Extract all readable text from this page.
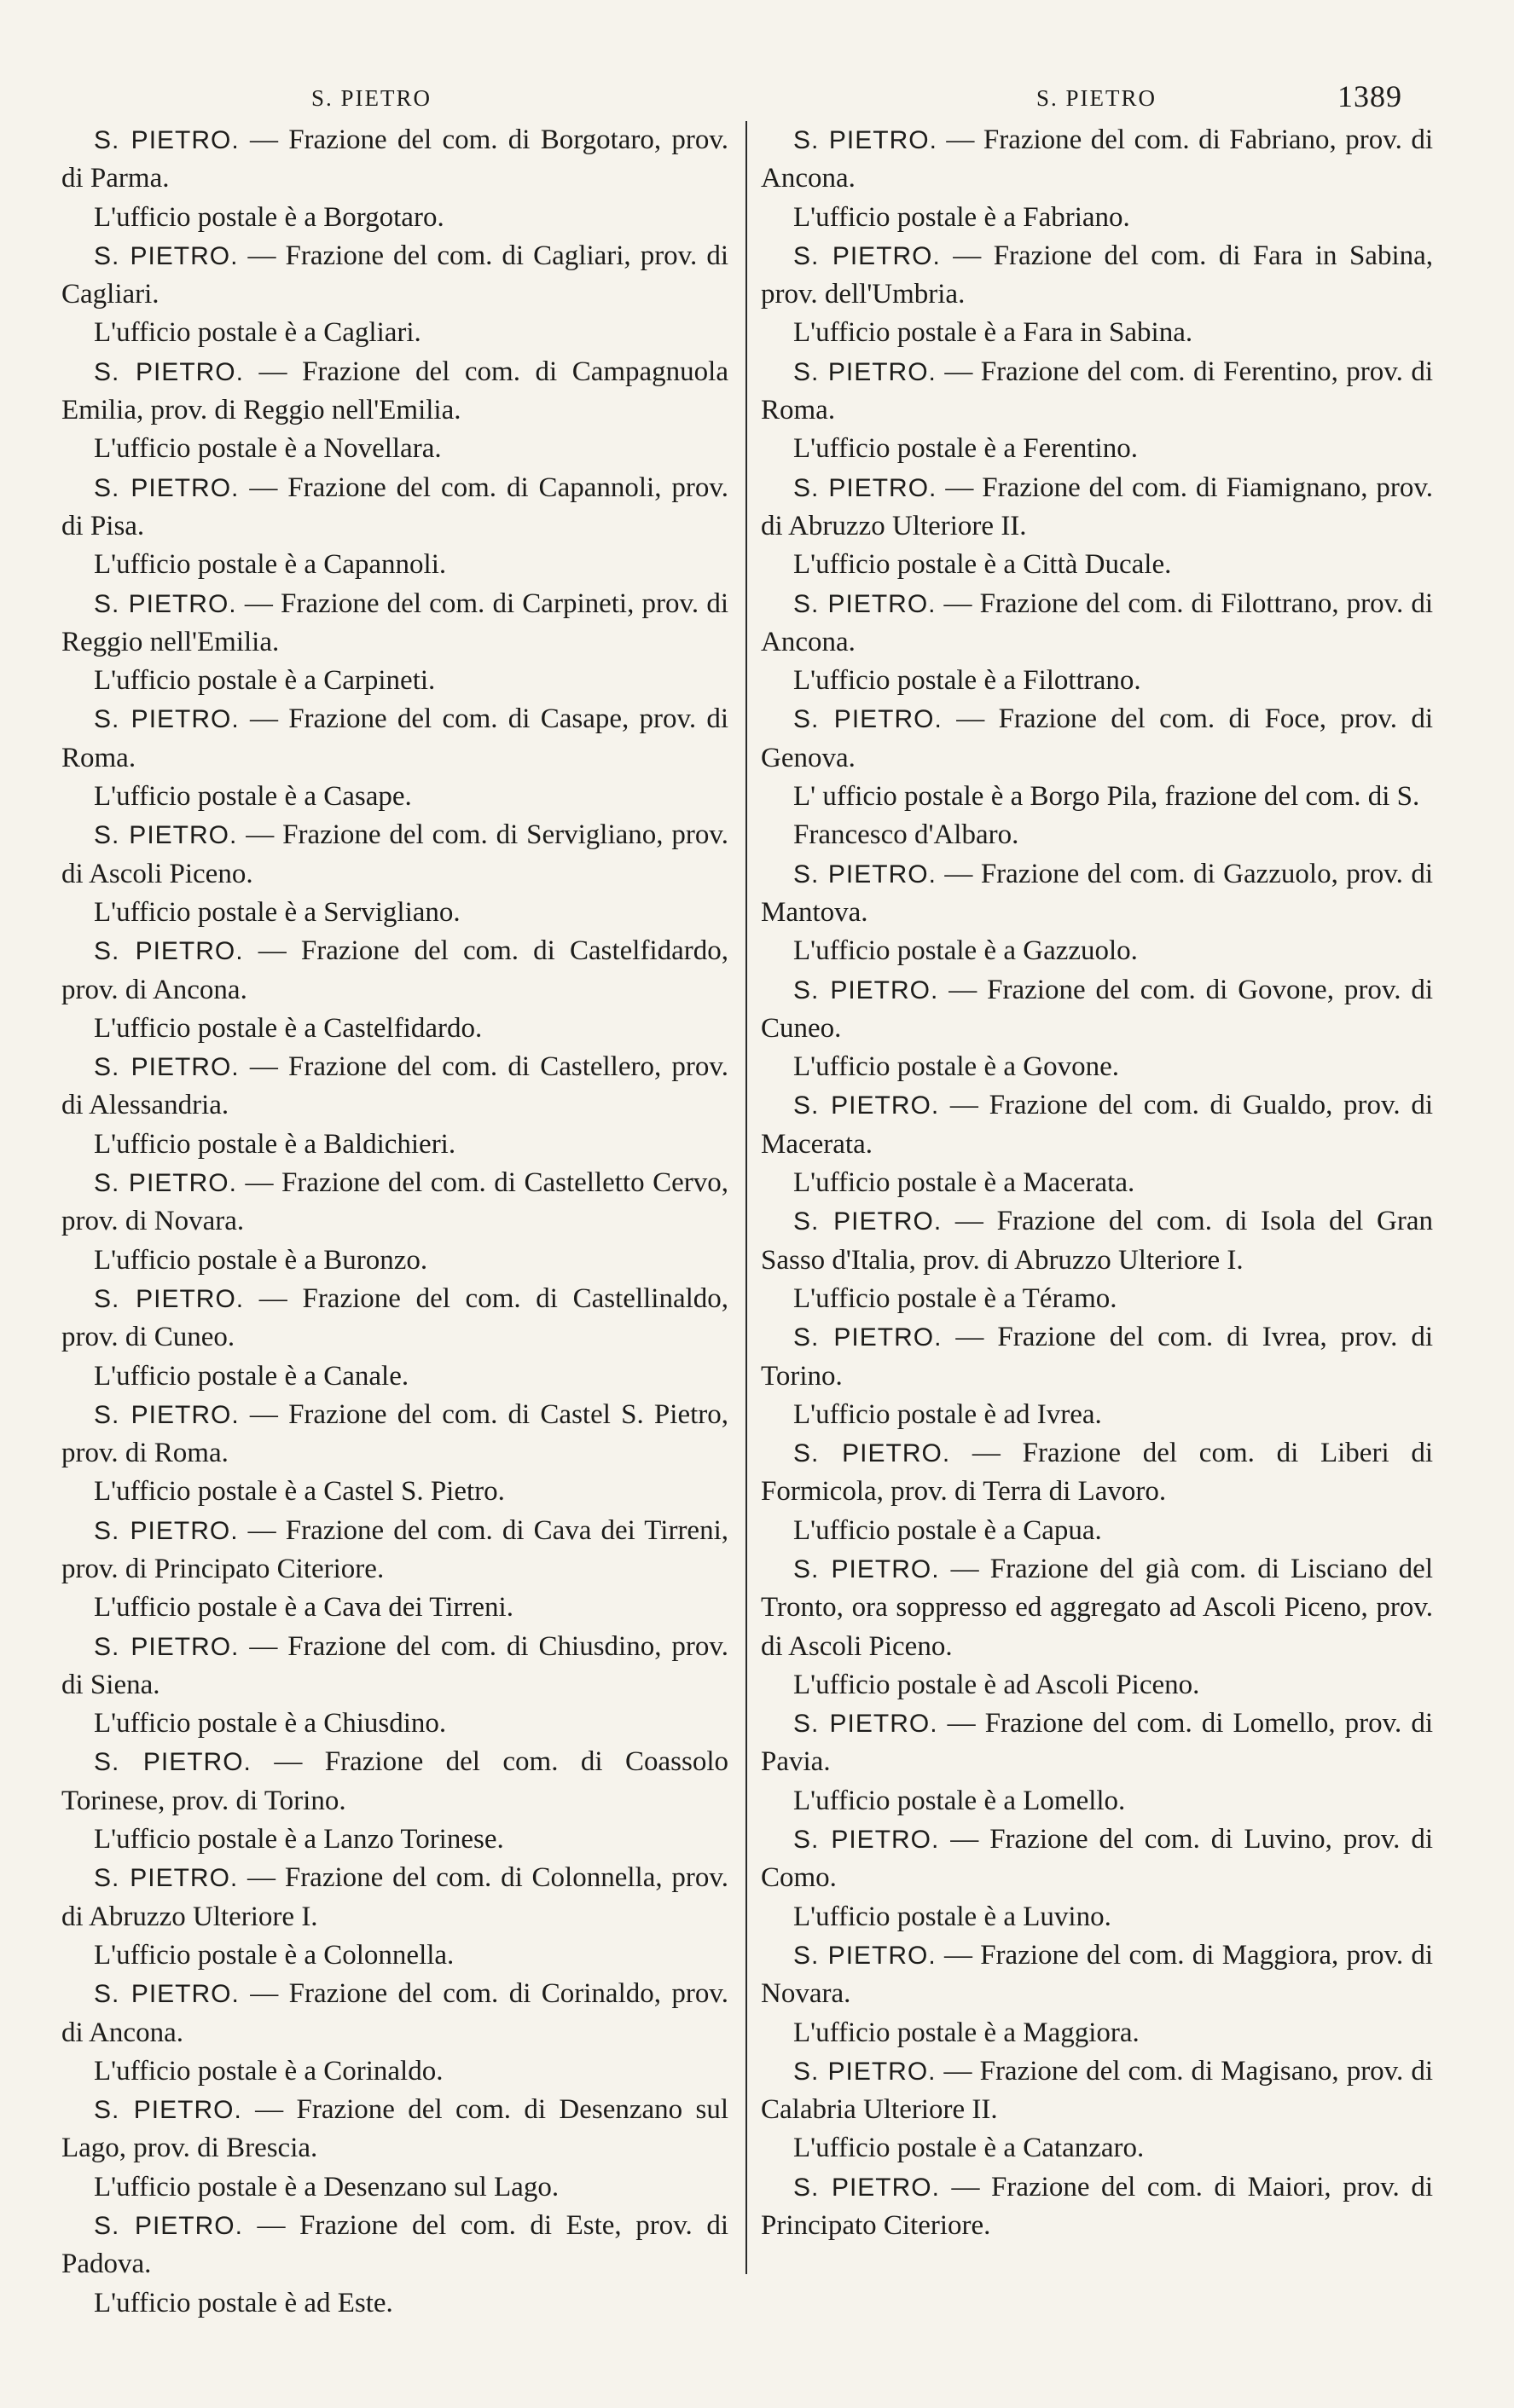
S. PIETRO	S. PIETRO	1389

S. PIETRO. — Frazione del com. di Borgotaro, prov. di Parma.

L'ufficio postale è a Borgotaro.

S. PIETRO. — Frazione del com. di Cagliari, prov. di Cagliari.

L'ufficio postale è a Cagliari.

S. PIETRO. — Frazione del com. di Campagnuola Emilia, prov. di Reggio nell'Emilia.

L'ufficio postale è a Novellara.

S. PIETRO. — Frazione del com. di Capannoli, prov. di Pisa.

L'ufficio postale è a Capannoli.

S. PIETRO. — Frazione del com. di Carpineti, prov. di Reggio nell'Emilia.

L'ufficio postale è a Carpineti.

S. PIETRO. — Frazione del com. di Casape, prov. di Roma.

L'ufficio postale è a Casape.

S. PIETRO. — Frazione del com. di Servigliano, prov. di Ascoli Piceno.

L'ufficio postale è a Servigliano.

S. PIETRO. — Frazione del com. di Castelfidardo, prov. di Ancona.

L'ufficio postale è a Castelfidardo.

S. PIETRO. — Frazione del com. di Castellero, prov. di Alessandria.

L'ufficio postale è a Baldichieri.

S. PIETRO. — Frazione del com. di Castelletto Cervo, prov. di Novara.

L'ufficio postale è a Buronzo.

S. PIETRO. — Frazione del com. di Castellinaldo, prov. di Cuneo.

L'ufficio postale è a Canale.

S. PIETRO. — Frazione del com. di Castel S. Pietro, prov. di Roma.

L'ufficio postale è a Castel S. Pietro.

S. PIETRO. — Frazione del com. di Cava dei Tirreni, prov. di Principato Citeriore.

L'ufficio postale è a Cava dei Tirreni.

S. PIETRO. — Frazione del com. di Chiusdino, prov. di Siena.

L'ufficio postale è a Chiusdino.

S. PIETRO. — Frazione del com. di Coassolo Torinese, prov. di Torino.

L'ufficio postale è a Lanzo Torinese.

S. PIETRO. — Frazione del com. di Colonnella, prov. di Abruzzo Ulteriore I.

L'ufficio postale è a Colonnella.

S. PIETRO. — Frazione del com. di Corinaldo, prov. di Ancona.

L'ufficio postale è a Corinaldo.

S. PIETRO. — Frazione del com. di Desenzano sul Lago, prov. di Brescia.

L'ufficio postale è a Desenzano sul Lago.

S. PIETRO. — Frazione del com. di Este, prov. di Padova.

L'ufficio postale è ad Este.

S. PIETRO. — Frazione del com. di Fabriano, prov. di Ancona.

L'ufficio postale è a Fabriano.

S. PIETRO. — Frazione del com. di Fara in Sabina, prov. dell'Umbria.

L'ufficio postale è a Fara in Sabina.

S. PIETRO. — Frazione del com. di Ferentino, prov. di Roma.

L'ufficio postale è a Ferentino.

S. PIETRO. — Frazione del com. di Fiamignano, prov. di Abruzzo Ulteriore II.

L'ufficio postale è a Città Ducale.

S. PIETRO. — Frazione del com. di Filottrano, prov. di Ancona.

L'ufficio postale è a Filottrano.

S. PIETRO. — Frazione del com. di Foce, prov. di Genova.

L' ufficio postale è a Borgo Pila, frazione del com. di S. Francesco d'Albaro.

S. PIETRO. — Frazione del com. di Gazzuolo, prov. di Mantova.

L'ufficio postale è a Gazzuolo.

S. PIETRO. — Frazione del com. di Govone, prov. di Cuneo.

L'ufficio postale è a Govone.

S. PIETRO. — Frazione del com. di Gualdo, prov. di Macerata.

L'ufficio postale è a Macerata.

S. PIETRO. — Frazione del com. di Isola del Gran Sasso d'Italia, prov. di Abruzzo Ulteriore I.

L'ufficio postale è a Téramo.

S. PIETRO. — Frazione del com. di Ivrea, prov. di Torino.

L'ufficio postale è ad Ivrea.

S. PIETRO. — Frazione del com. di Liberi di Formicola, prov. di Terra di Lavoro.

L'ufficio postale è a Capua.

S. PIETRO. — Frazione del già com. di Lisciano del Tronto, ora soppresso ed aggregato ad Ascoli Piceno, prov. di Ascoli Piceno.

L'ufficio postale è ad Ascoli Piceno.

S. PIETRO. — Frazione del com. di Lomello, prov. di Pavia.

L'ufficio postale è a Lomello.

S. PIETRO. — Frazione del com. di Luvino, prov. di Como.

L'ufficio postale è a Luvino.

S. PIETRO. — Frazione del com. di Maggiora, prov. di Novara.

L'ufficio postale è a Maggiora.

S. PIETRO. — Frazione del com. di Magisano, prov. di Calabria Ulteriore II.

L'ufficio postale è a Catanzaro.

S. PIETRO. — Frazione del com. di Maiori, prov. di Principato Citeriore.
